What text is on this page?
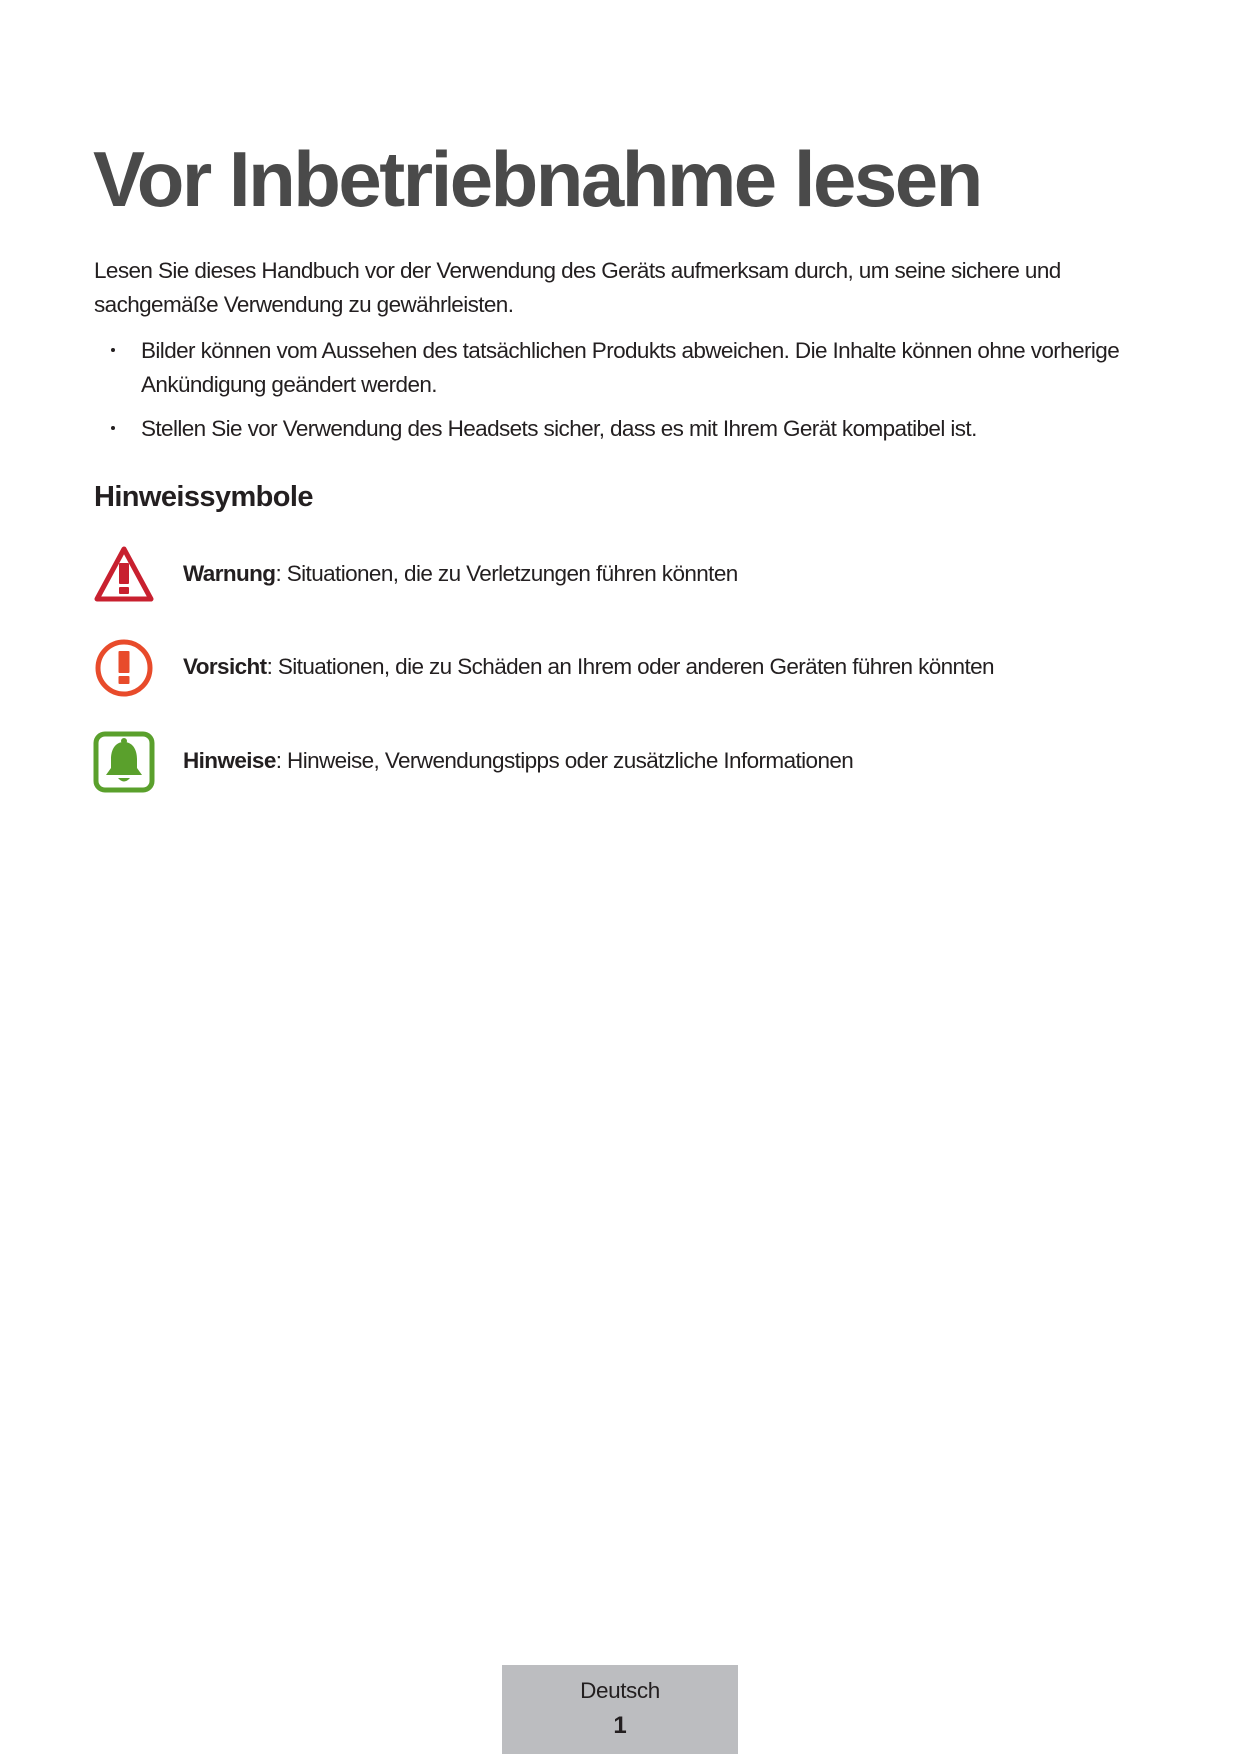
Vor Inbetriebnahme lesen

Lesen Sie dieses Handbuch vor der Verwendung des Geräts aufmerksam durch, um seine sichere und sachgemäße Verwendung zu gewährleisten.

Bilder können vom Aussehen des tatsächlichen Produkts abweichen. Die Inhalte können ohne vorherige Ankündigung geändert werden.
Stellen Sie vor Verwendung des Headsets sicher, dass es mit Ihrem Gerät kompatibel ist.
Hinweissymbole
Warnung: Situationen, die zu Verletzungen führen könnten
Vorsicht: Situationen, die zu Schäden an Ihrem oder anderen Geräten führen könnten
Hinweise: Hinweise, Verwendungstipps oder zusätzliche Informationen
Deutsch
1
